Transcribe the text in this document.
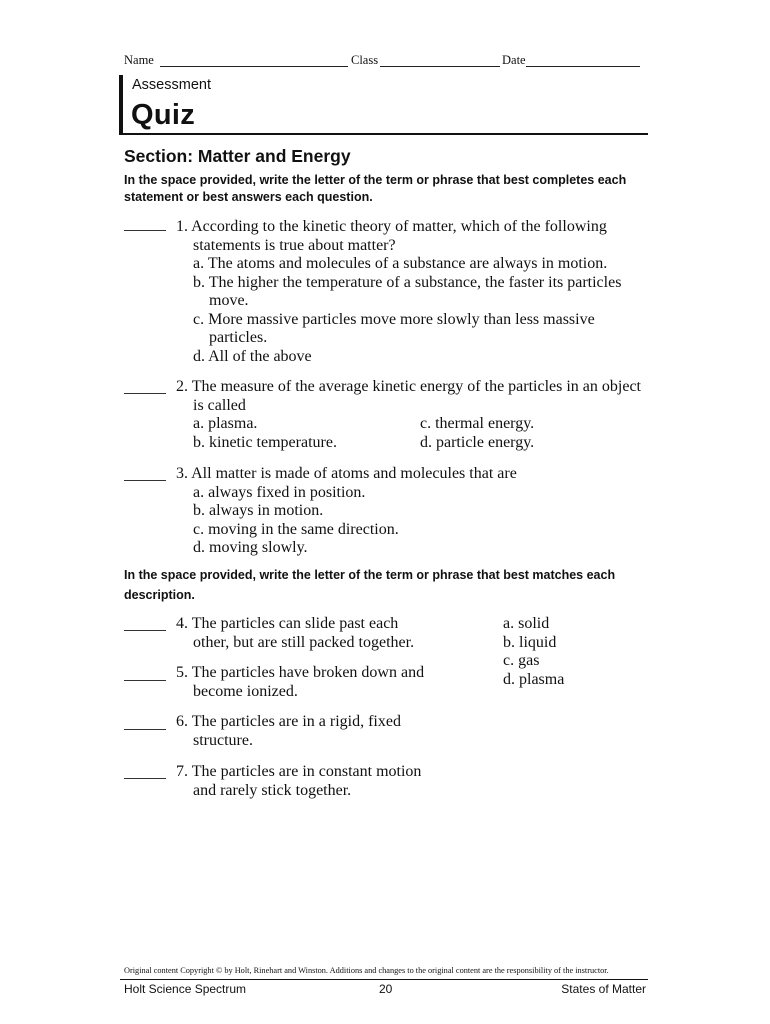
Name	Class	Date
Assessment
Quiz
Section: Matter and Energy
In the space provided, write the letter of the term or phrase that best completes each statement or best answers each question.
1. According to the kinetic theory of matter, which of the following
statements is true about matter?
a. The atoms and molecules of a substance are always in motion.
b. The higher the temperature of a substance, the faster its particles
move.
c. More massive particles move more slowly than less massive
particles.
d. All of the above
2. The measure of the average kinetic energy of the particles in an object
is called
a. plasma.	c. thermal energy.
b. kinetic temperature.	d. particle energy.
3. All matter is made of atoms and molecules that are
a. always fixed in position.
b. always in motion.
c. moving in the same direction.
d. moving slowly.
In the space provided, write the letter of the term or phrase that best matches each description.
4. The particles can slide past each
other, but are still packed together.
5. The particles have broken down and
become ionized.
6. The particles are in a rigid, fixed
structure.
7. The particles are in constant motion
and rarely stick together.
a. solid
b. liquid
c. gas
d. plasma
Original content Copyright © by Holt, Rinehart and Winston. Additions and changes to the original content are the responsibility of the instructor.
Holt Science Spectrum	20	States of Matter
